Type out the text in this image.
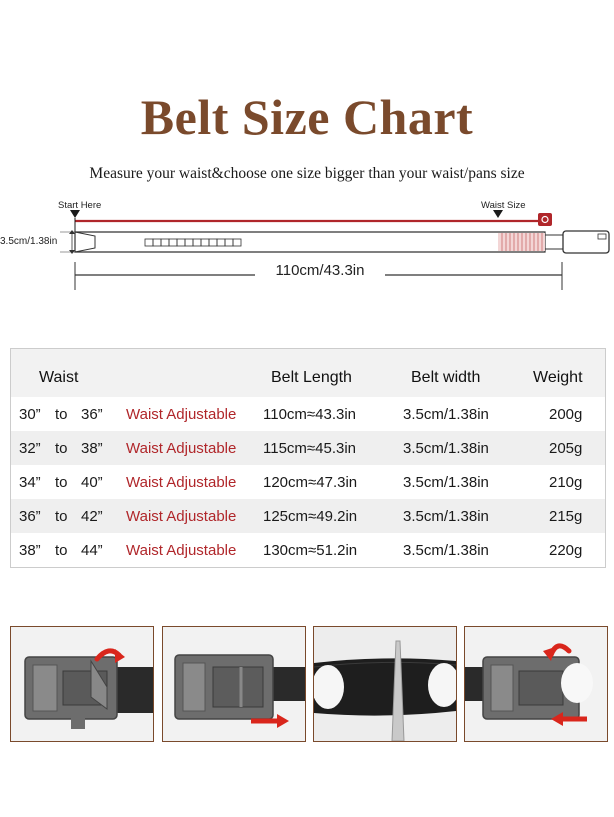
Belt Size Chart
Measure your waist&choose one size bigger than your waist/pans size
Start Here	Waist Size
3.5cm/1.38in
110cm/43.3in
Waist	Belt Length	Belt width	Weight
30” to 36” Waist Adjustable 110cm≈43.3in	3.5cm/1.38in	200g
32” to 38” Waist Adjustable 115cm≈45.3in	3.5cm/1.38in	205g
34” to 40” Waist Adjustable 120cm≈47.3in	3.5cm/1.38in	210g
36” to 42” Waist Adjustable 125cm≈49.2in	3.5cm/1.38in	215g
38” to 44” Waist Adjustable 130cm≈51.2in	3.5cm/1.38in	220g
